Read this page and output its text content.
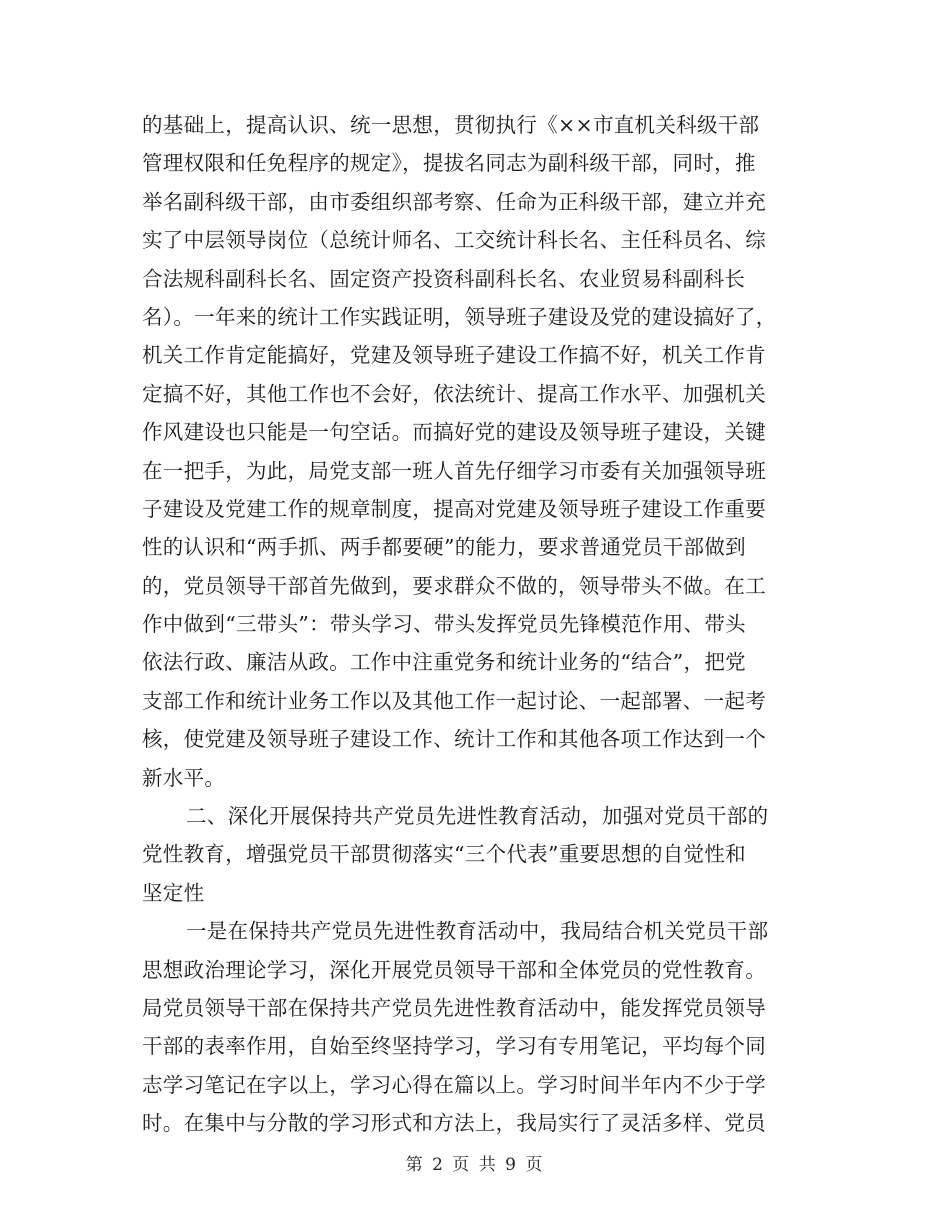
的基础上，提高认识、统一思想，贯彻执行《××市直机关科级干部
管理权限和任免程序的规定》，提拔名同志为副科级干部，同时，推
举名副科级干部，由市委组织部考察、任命为正科级干部，建立并充
实了中层领导岗位（总统计师名、工交统计科长名、主任科员名、综
合法规科副科长名、固定资产投资科副科长名、农业贸易科副科长
名）。一年来的统计工作实践证明，领导班子建设及党的建设搞好了，
机关工作肯定能搞好，党建及领导班子建设工作搞不好，机关工作肯
定搞不好，其他工作也不会好，依法统计、提高工作水平、加强机关
作风建设也只能是一句空话。而搞好党的建设及领导班子建设，关键
在一把手，为此，局党支部一班人首先仔细学习市委有关加强领导班
子建设及党建工作的规章制度，提高对党建及领导班子建设工作重要
性的认识和“两手抓、两手都要硬”的能力，要求普通党员干部做到
的，党员领导干部首先做到，要求群众不做的，领导带头不做。在工
作中做到“三带头”：带头学习、带头发挥党员先锋模范作用、带头
依法行政、廉洁从政。工作中注重党务和统计业务的“结合”，把党
支部工作和统计业务工作以及其他工作一起讨论、一起部署、一起考
核，使党建及领导班子建设工作、统计工作和其他各项工作达到一个
新水平。
二、深化开展保持共产党员先进性教育活动，加强对党员干部的
党性教育，增强党员干部贯彻落实“三个代表”重要思想的自觉性和
坚定性
一是在保持共产党员先进性教育活动中，我局结合机关党员干部
思想政治理论学习，深化开展党员领导干部和全体党员的党性教育。
局党员领导干部在保持共产党员先进性教育活动中，能发挥党员领导
干部的表率作用，自始至终坚持学习，学习有专用笔记，平均每个同
志学习笔记在字以上，学习心得在篇以上。学习时间半年内不少于学
时。在集中与分散的学习形式和方法上，我局实行了灵活多样、党员
第 2 页 共 9 页
